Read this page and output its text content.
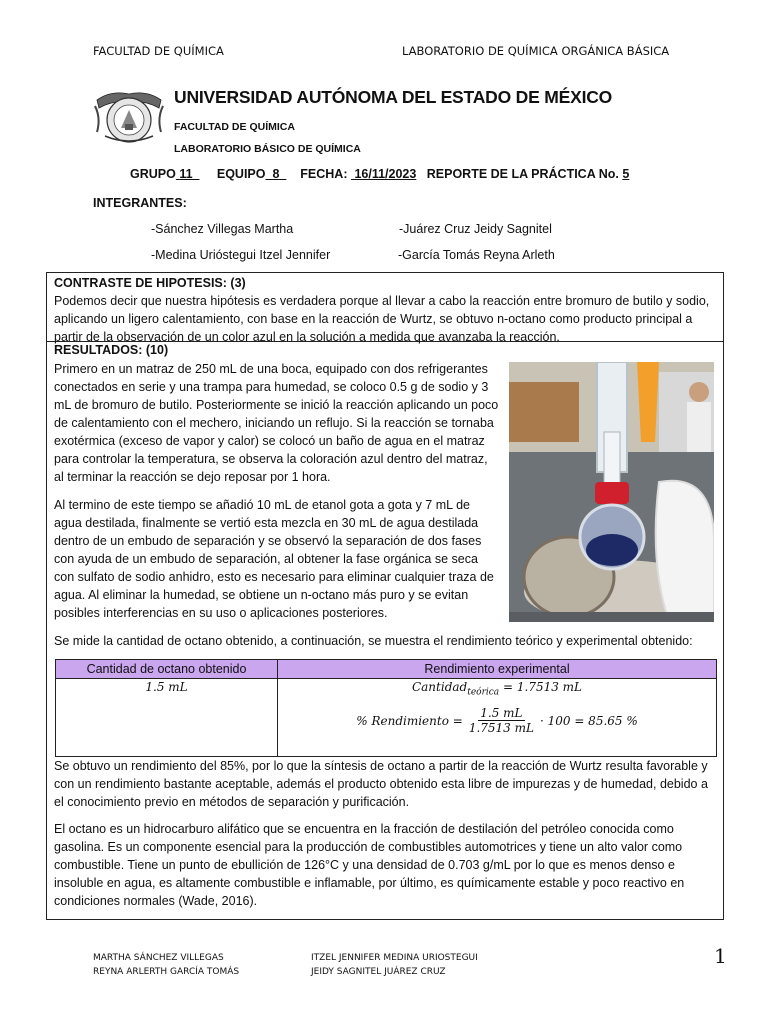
FACULTAD DE QUÍMICA	LABORATORIO DE QUÍMICA ORGÁNICA BÁSICA
UNIVERSIDAD AUTÓNOMA DEL ESTADO DE MÉXICO
FACULTAD DE QUÍMICA
LABORATORIO BÁSICO DE QUÍMICA
GRUPO 11 EQUIPO 8 FECHA: 16/11/2023 REPORTE DE LA PRÁCTICA No. 5
INTEGRANTES:
-Sánchez Villegas Martha	-Juárez Cruz Jeidy Sagnitel
-Medina Urióstegui Itzel Jennifer	-García Tomás Reyna Arleth
CONTRASTE DE HIPOTESIS: (3)
Podemos decir que nuestra hipótesis es verdadera porque al llevar a cabo la reacción entre bromuro de butilo y sodio,
aplicando un ligero calentamiento, con base en la reacción de Wurtz, se obtuvo n-octano como producto principal a
partir de la observación de un color azul en la solución a medida que avanzaba la reacción.
RESULTADOS: (10)
Primero en un matraz de 250 mL de una boca, equipado con dos refrigerantes
conectados en serie y una trampa para humedad, se coloco 0.5 g de sodio y 3
mL de bromuro de butilo. Posteriormente se inició la reacción aplicando un poco
de calentamiento con el mechero, iniciando un reflujo. Si la reacción se tornaba
exotérmica (exceso de vapor y calor) se colocó un baño de agua en el matraz
para controlar la temperatura, se observa la coloración azul dentro del matraz,
al terminar la reacción se dejo reposar por 1 hora.
Al termino de este tiempo se añadió 10 mL de etanol gota a gota y 7 mL de
agua destilada, finalmente se vertió esta mezcla en 30 mL de agua destilada
dentro de un embudo de separación y se observó la separación de dos fases
con ayuda de un embudo de separación, al obtener la fase orgánica se seca
con sulfato de sodio anhidro, esto es necesario para eliminar cualquier traza de
agua. Al eliminar la humedad, se obtiene un n-octano más puro y se evitan
posibles interferencias en su uso o aplicaciones posteriores.
Se mide la cantidad de octano obtenido, a continuación, se muestra el rendimiento teórico y experimental obtenido:
Cantidad de octano obtenido	Rendimiento experimental

1.5 mL	Cantidad$_{teórica}$ = 1.7513 mL
% Rendimiento = $\frac{1.5 mL}{1.7513 mL} \cdot 100 = 85.65$ %
Se obtuvo un rendimiento del 85%, por lo que la síntesis de octano a partir de la reacción de Wurtz resulta favorable y
con un rendimiento bastante aceptable, además el producto obtenido esta libre de impurezas y de humedad, debido a
el conocimiento previo en métodos de separación y purificación.
El octano es un hidrocarburo alifático que se encuentra en la fracción de destilación del petróleo conocida como
gasolina. Es un componente esencial para la producción de combustibles automotrices y tiene un alto valor como
combustible. Tiene un punto de ebullición de 126°C y una densidad de 0.703 g/mL por lo que es menos denso e
insoluble en agua, es altamente combustible e inflamable, por último, es químicamente estable y poco reactivo en
condiciones normales (Wade, 2016).
MARTHA SÁNCHEZ VILLEGAS	ITZEL JENNIFER MEDINA URIOSTEGUI
REYNA ARLERTH GARCÍA TOMÁS	JEIDY SAGNITEL JUÁREZ CRUZ
1
